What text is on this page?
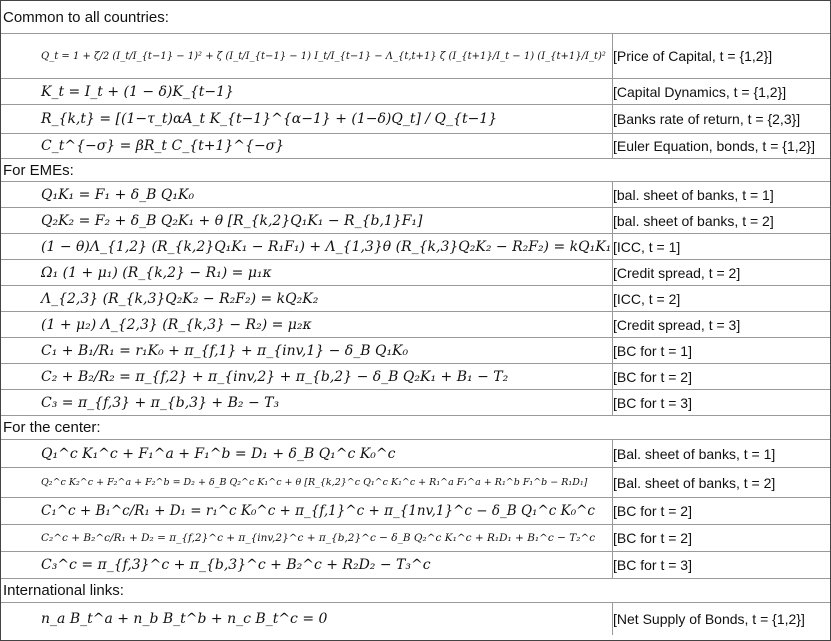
Common to all countries:
Q_t = 1 + ζ/2 (I_t/I_{t−1} − 1)² + ζ (I_t/I_{t−1} − 1) I_t/I_{t−1} − Λ_{t,t+1} ζ (I_{t+1}/I_t − 1) (I_{t+1}/I_t)² [Price of Capital, t = {1,2}]
K_t = I_t + (1 − δ)K_{t−1}	[Capital Dynamics, t = {1,2}]
R_{k,t} = [(1−τ_t)αA_t K_{t−1}^{α−1} + (1−δ)Q_t] / Q_{t−1}	[Banks rate of return, t = {2,3}]
C_t^{−σ} = βR_t C_{t+1}^{−σ}	[Euler Equation, bonds, t = {1,2}]
For EMEs:
Q₁K₁ = F₁ + δ_B Q₁K₀	[bal. sheet of banks, t = 1]
Q₂K₂ = F₂ + δ_B Q₂K₁ + θ [R_{k,2}Q₁K₁ − R_{b,1}F₁]	[bal. sheet of banks, t = 2]
(1 − θ)Λ_{1,2} (R_{k,2}Q₁K₁ − R₁F₁) + Λ_{1,3}θ (R_{k,3}Q₂K₂ − R₂F₂) = kQ₁K₁ [ICC, t = 1]
Ω₁ (1 + μ₁) (R_{k,2} − R₁) = μ₁κ	[Credit spread, t = 2]
Λ_{2,3} (R_{k,3}Q₂K₂ − R₂F₂) = kQ₂K₂	[ICC, t = 2]
(1 + μ₂) Λ_{2,3} (R_{k,3} − R₂) = μ₂κ	[Credit spread, t = 3]
C₁ + B₁/R₁ = r₁K₀ + π_{f,1} + π_{inv,1} − δ_B Q₁K₀	[BC for t = 1]
C₂ + B₂/R₂ = π_{f,2} + π_{inv,2} + π_{b,2} − δ_B Q₂K₁ + B₁ − T₂	[BC for t = 2]
C₃ = π_{f,3} + π_{b,3} + B₂ − T₃	[BC for t = 3]
For the center:
Q₁^c K₁^c + F₁^a + F₁^b = D₁ + δ_B Q₁^c K₀^c	[Bal. sheet of banks, t = 1]
Q₂^c K₂^c + F₂^a + F₂^b = D₂ + δ_B Q₂^c K₁^c + θ [R_{k,2}^c Q₁^c K₁^c + R₁^a F₁^a + R₁^b F₁^b − R₁D₁]	[Bal. sheet of banks, t = 2]
C₁^c + B₁^c/R₁ + D₁ = r₁^c K₀^c + π_{f,1}^c + π_{1nv,1}^c − δ_B Q₁^c K₀^c	[BC for t = 2]
C₂^c + B₂^c/R₁ + D₂ = π_{f,2}^c + π_{inv,2}^c + π_{b,2}^c − δ_B Q₂^c K₁^c + R₁D₁ + B₁^c − T₂^c	[BC for t = 2]
C₃^c = π_{f,3}^c + π_{b,3}^c + B₂^c + R₂D₂ − T₃^c	[BC for t = 3]
International links:
n_a B_t^a + n_b B_t^b + n_c B_t^c = 0	[Net Supply of Bonds, t = {1,2}]
